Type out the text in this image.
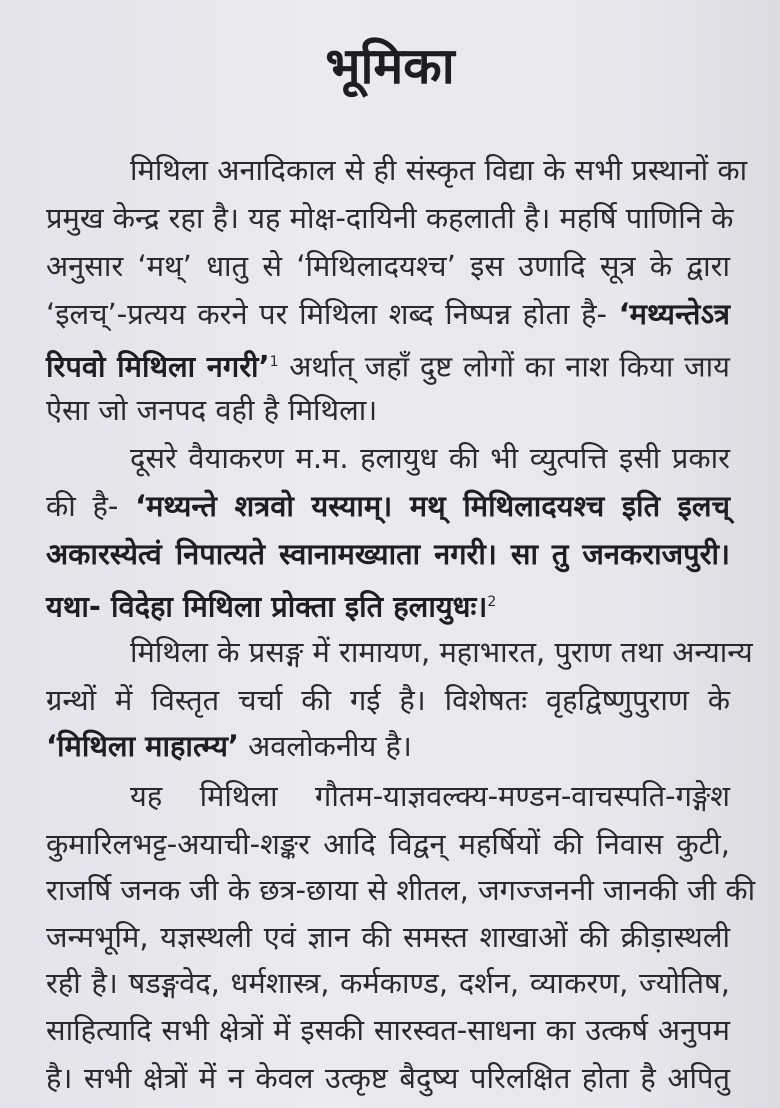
भूमिका
मिथिला अनादिकाल से ही संस्कृत विद्या के सभी प्रस्थानों का
प्रमुख केन्द्र रहा है। यह मोक्ष-दायिनी कहलाती है। महर्षि पाणिनि के
अनुसार ‘मथ्’ धातु से ‘मिथिलादयश्च’ इस उणादि सूत्र के द्वारा
‘इलच्’-प्रत्यय करने पर मिथिला शब्द निष्पन्न होता है- ‘मथ्यन्तेऽत्र
रिपवो मिथिला नगरी’$^1$ अर्थात् जहाँ दुष्ट लोगों का नाश किया जाय
ऐसा जो जनपद वही है मिथिला।
दूसरे वैयाकरण म.म. हलायुध की भी व्युत्पत्ति इसी प्रकार
की है- ‘मथ्यन्ते शत्रवो यस्याम्। मथ् मिथिलादयश्च इति इलच्
अकारस्येत्वं निपात्यते स्वानामख्याता नगरी। सा तु जनकराजपुरी।
यथा- विदेहा मिथिला प्रोक्ता इति हलायुधः।$^2$
मिथिला के प्रसङ्ग में रामायण, महाभारत, पुराण तथा अन्यान्य
ग्रन्थों में विस्तृत चर्चा की गई है। विशेषतः वृहद्विष्णुपुराण के
‘मिथिला माहात्म्य’ अवलोकनीय है।
यह मिथिला गौतम-याज्ञवल्क्य-मण्डन-वाचस्पति-गङ्गेश
कुमारिलभट्ट-अयाची-शङ्कर आदि विद्वन् महर्षियों की निवास कुटी,
राजर्षि जनक जी के छत्र-छाया से शीतल, जगज्जननी जानकी जी की
जन्मभूमि, यज्ञस्थली एवं ज्ञान की समस्त शाखाओं की क्रीड़ास्थली
रही है। षडङ्गवेद, धर्मशास्त्र, कर्मकाण्ड, दर्शन, व्याकरण, ज्योतिष,
साहित्यादि सभी क्षेत्रों में इसकी सारस्वत-साधना का उत्कर्ष अनुपम
है। सभी क्षेत्रों में न केवल उत्कृष्ट बैदुष्य परिलक्षित होता है अपितु
